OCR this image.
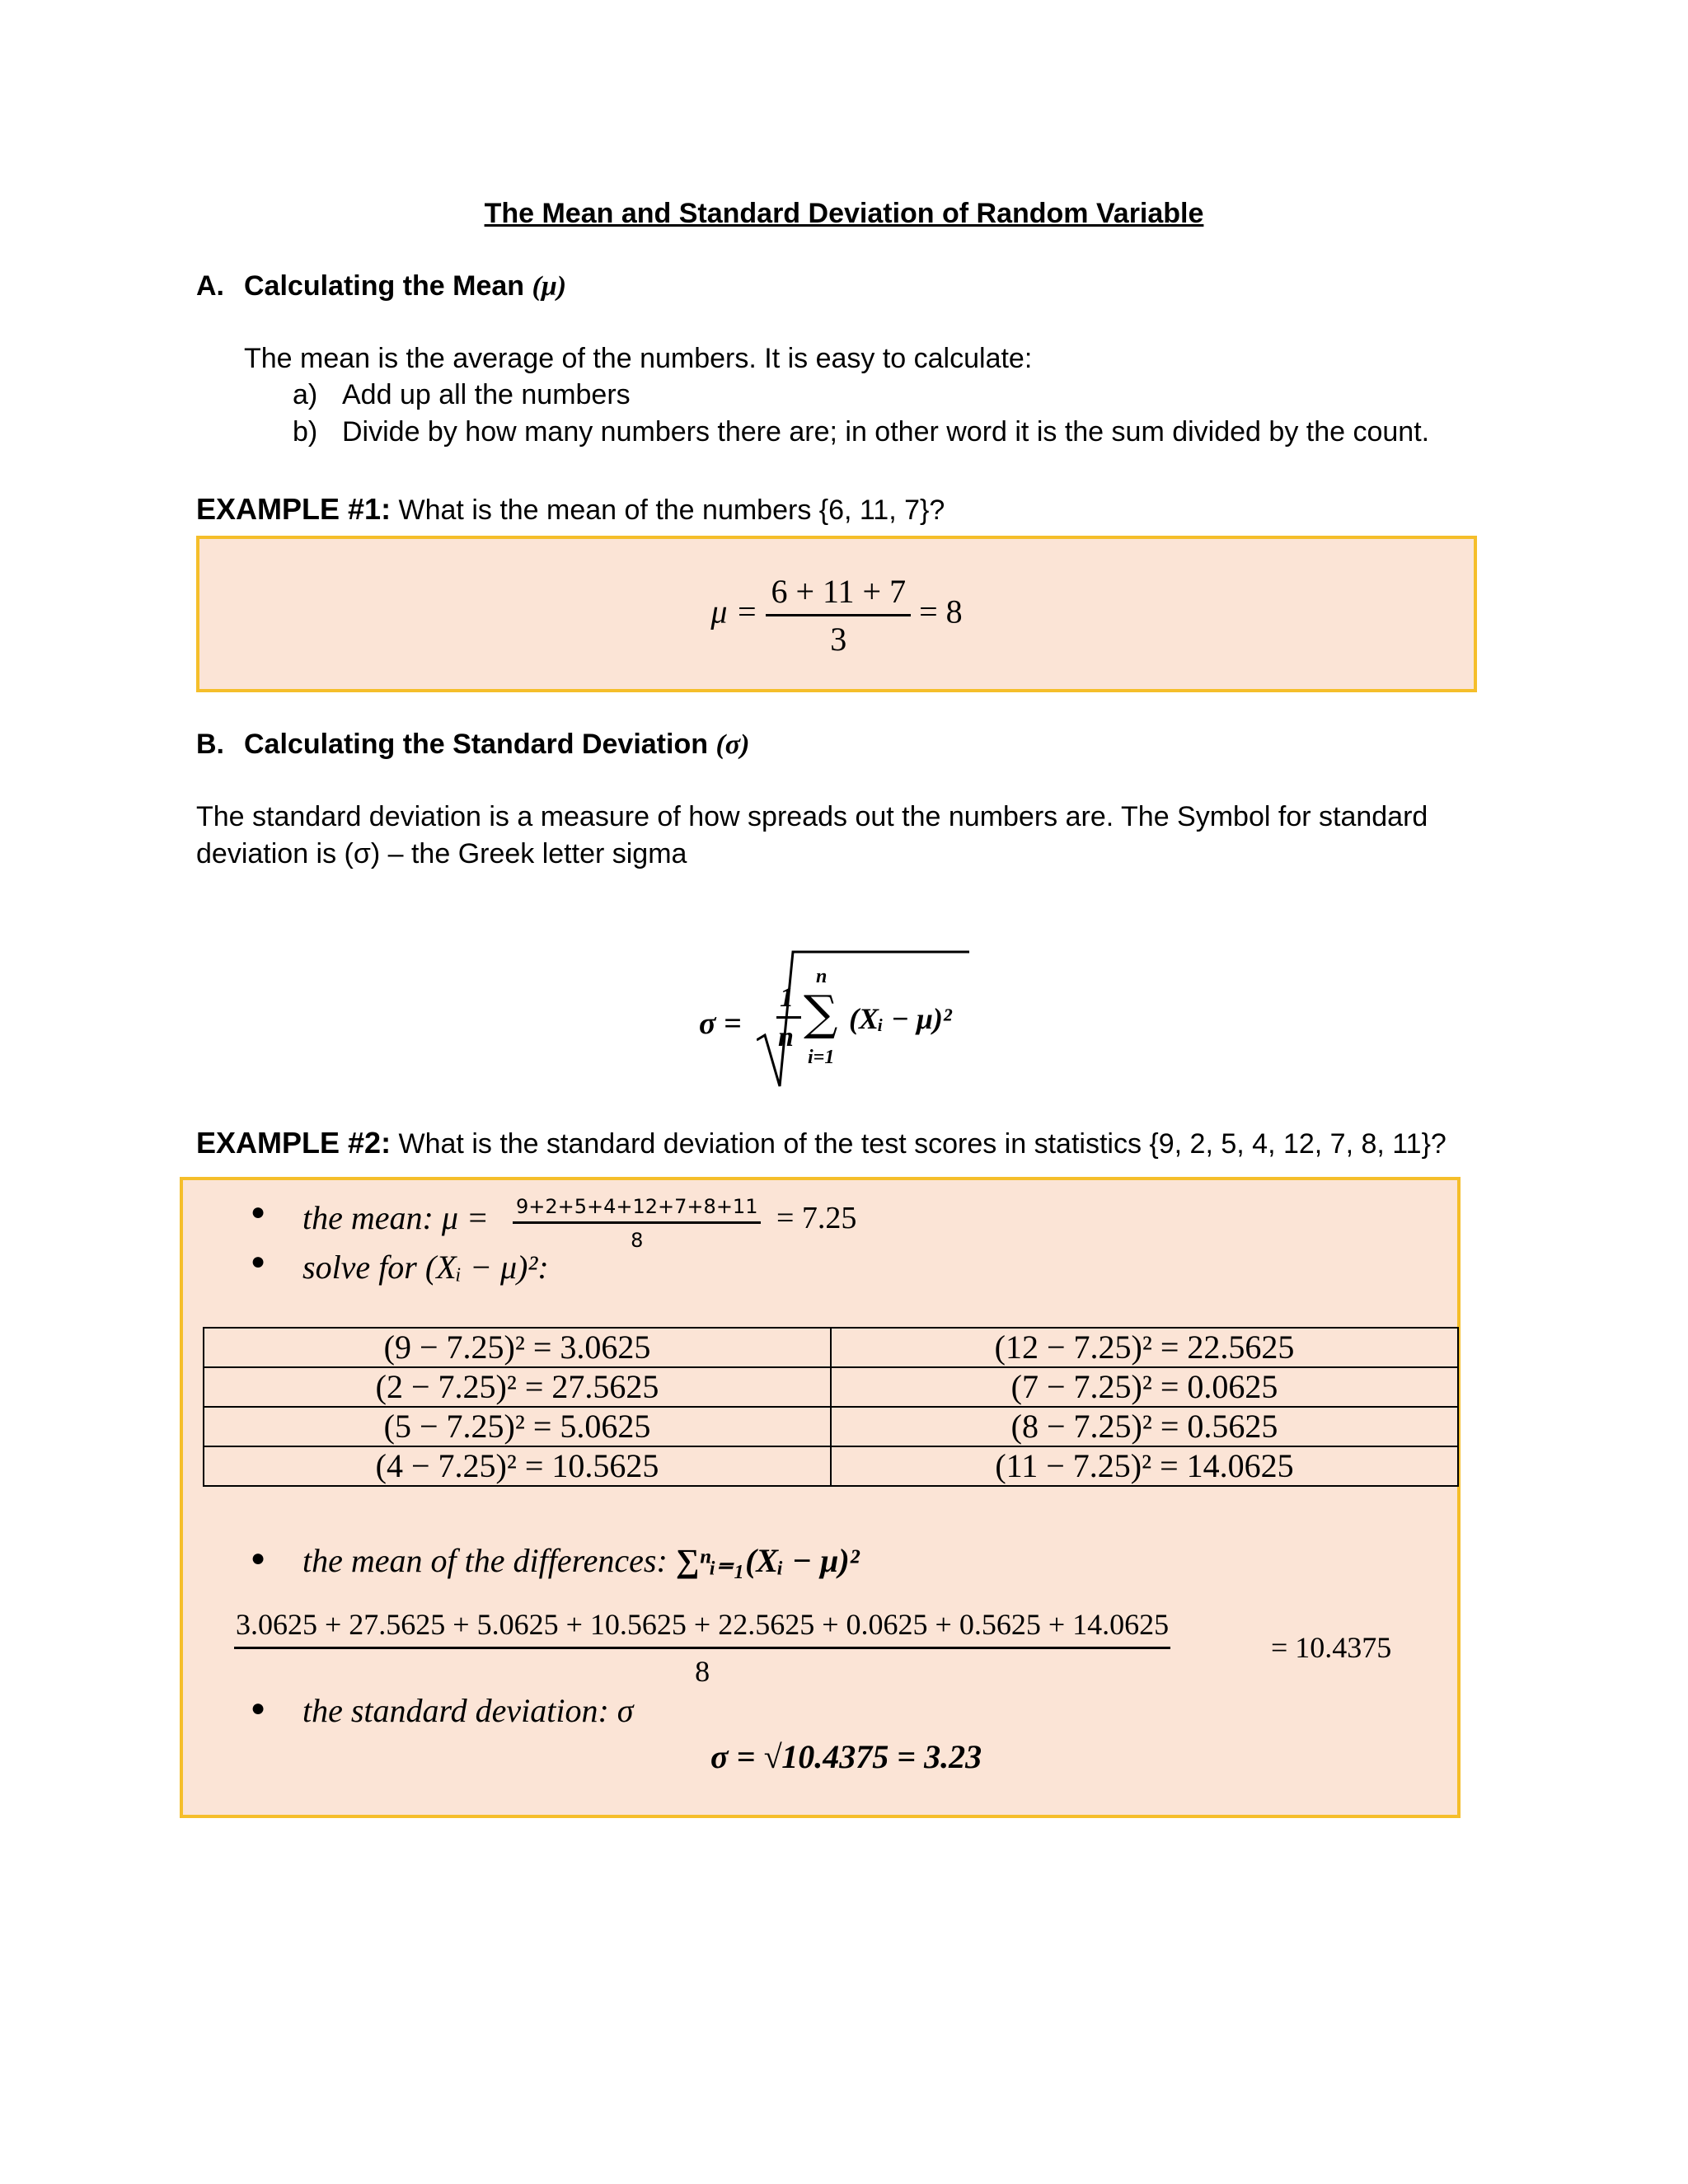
The Mean and Standard Deviation of Random Variable
A. Calculating the Mean (μ)
The mean is the average of the numbers. It is easy to calculate:
a) Add up all the numbers
b) Divide by how many numbers there are; in other word it is the sum divided by the count.
EXAMPLE #1: What is the mean of the numbers {6, 11, 7}?
$\mu = \frac{6 + 11 + 7}{3} = 8$
B. Calculating the Standard Deviation (σ)
The standard deviation is a measure of how spreads out the numbers are. The Symbol for standard
deviation is (σ) – the Greek letter sigma
σ =
1
n
n
∑
i=1
(Xᵢ − μ)²
EXAMPLE #2: What is the standard deviation of the test scores in statistics {9, 2, 5, 4, 12, 7, 8, 11}?
● the mean: $\mu = \frac{9+2+5+4+12+7+8+11}{8} = 7.25$
● solve for (Xᵢ − μ)²:
(9 − 7.25)² = 3.0625	(12 − 7.25)² = 22.5625
(2 − 7.25)² = 27.5625	(7 − 7.25)² = 0.0625
(5 − 7.25)² = 5.0625	(8 − 7.25)² = 0.5625
(4 − 7.25)² = 10.5625	(11 − 7.25)² = 14.0625
● the mean of the differences: ∑ⁿᵢ₌₁(Xᵢ − μ)²
3.0625 + 27.5625 + 5.0625 + 10.5625 + 22.5625 + 0.0625 + 0.5625 + 14.0625
8
= 10.4375
● the standard deviation: σ
σ = √10.4375 = 3.23
